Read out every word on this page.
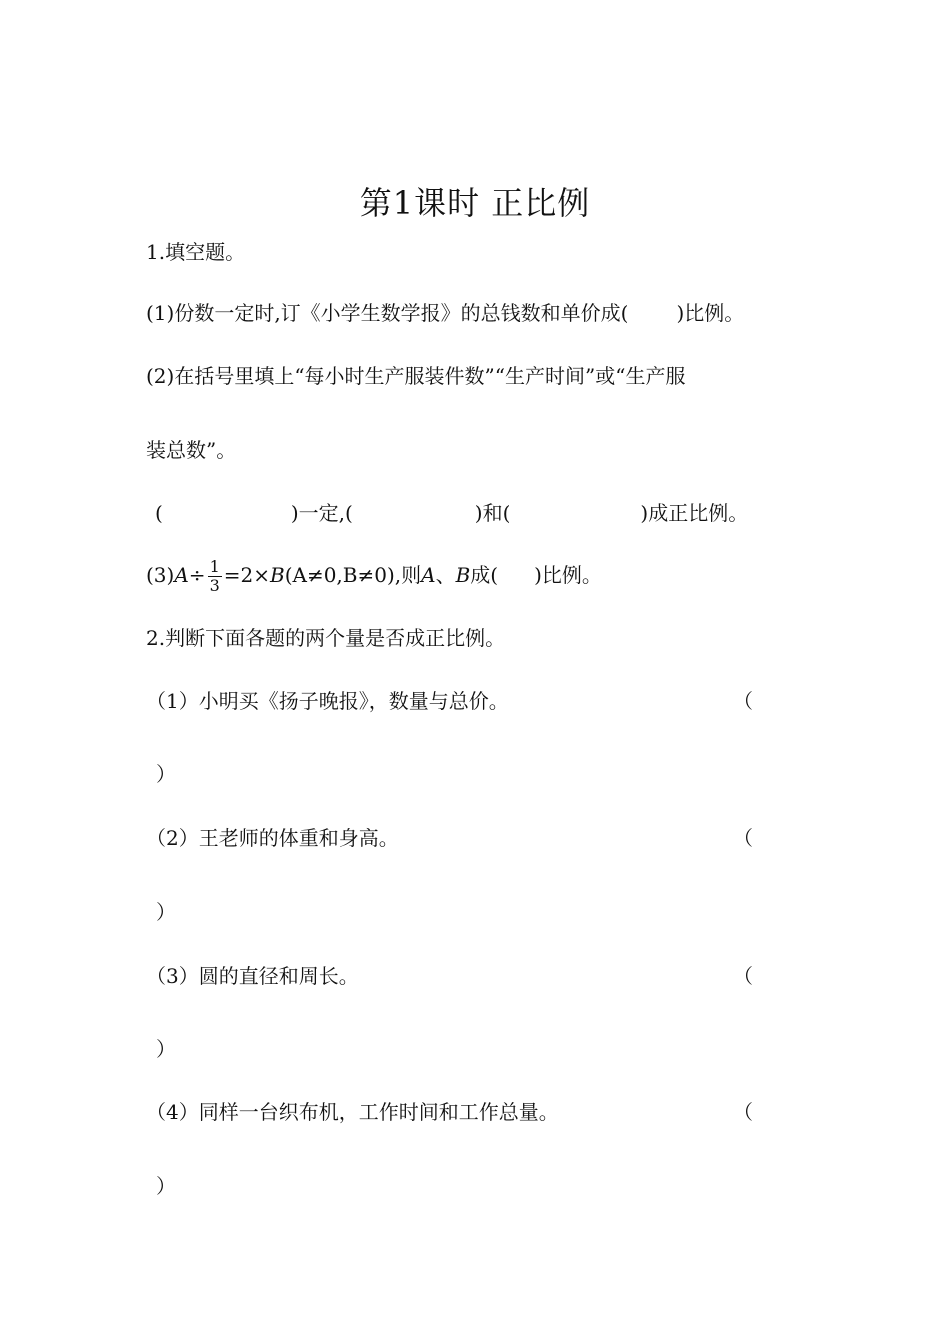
第1课时 正比例
1.填空题。
(1)份数一定时,订《小学生数学报》的总钱数和单价成( )比例。
(2)在括号里填上“每小时生产服装件数”“生产时间”或“生产服
装总数”。
(	)一定,(	)和(	)成正比例。
$(3)A\div \frac{1}{3} =2\times B(A\ne 0,B\ne 0)$,则A、B成( )比例。
2.判断下面各题的两个量是否成正比例。
（1）小明买《扬子晚报》，数量与总价。	（
）
（2）王老师的体重和身高。	（
）
（3）圆的直径和周长。	（
）
（4）同样一台织布机，工作时间和工作总量。	（
）
